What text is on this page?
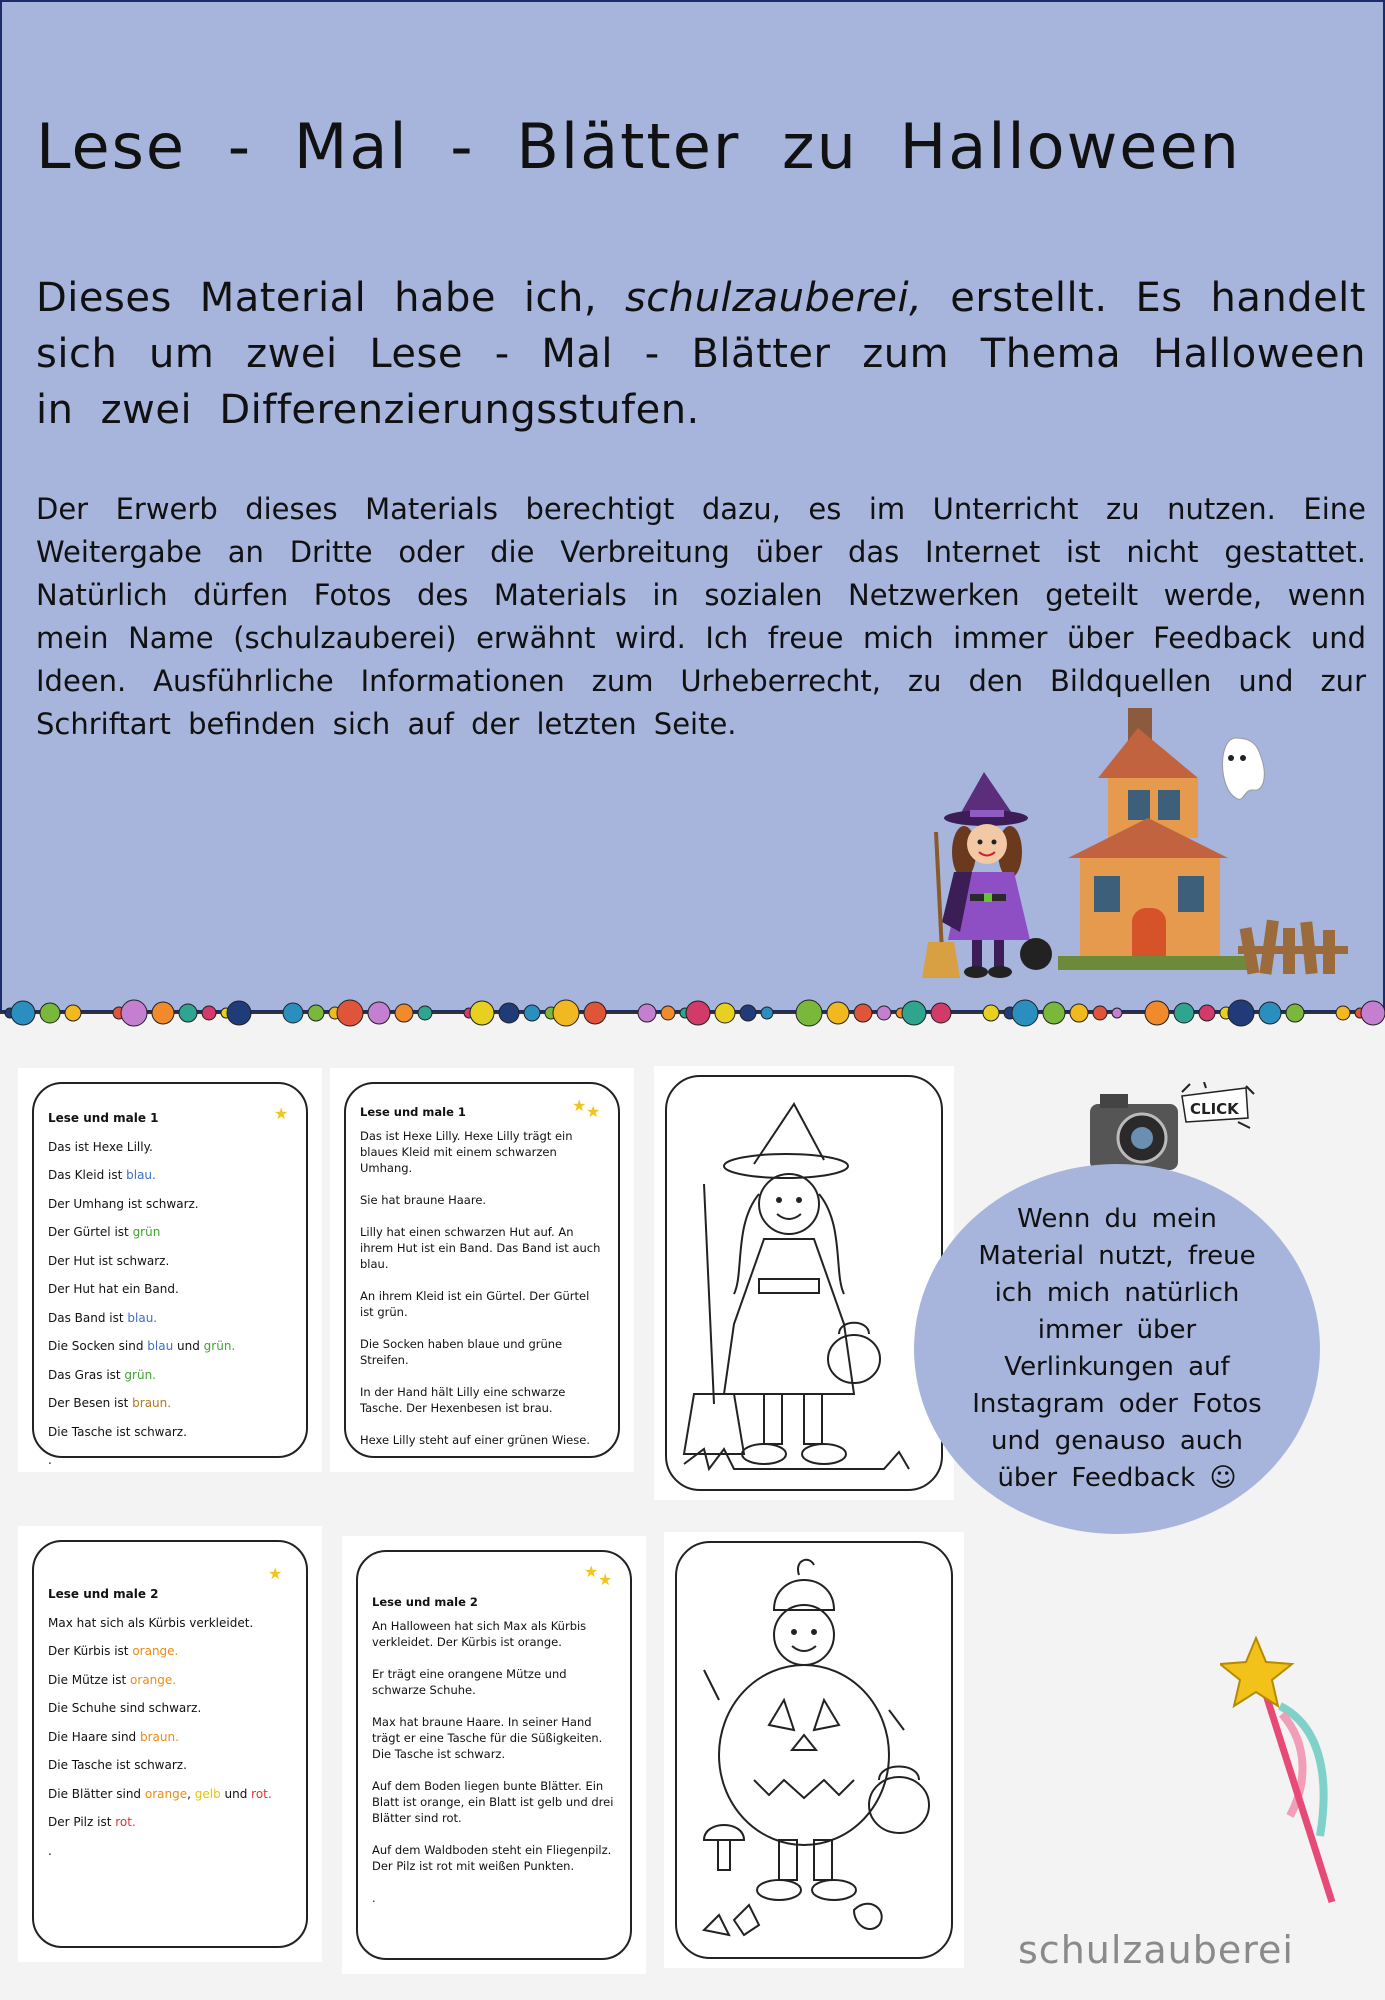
Lese - Mal - Blätter zu Halloween
Dieses Material habe ich, schulzauberei, erstellt. Es handelt sich um zwei Lese - Mal - Blätter zum Thema Halloween in zwei Differenzierungsstufen.
Der Erwerb dieses Materials berechtigt dazu, es im Unterricht zu nutzen. Eine Weitergabe an Dritte oder die Verbreitung über das Internet ist nicht gestattet. Natürlich dürfen Fotos des Materials in sozialen Netzwerken geteilt werde, wenn mein Name (schulzauberei) erwähnt wird. Ich freue mich immer über Feedback und Ideen. Ausführliche Informationen zum Urheberrecht, zu den Bildquellen und zur Schriftart befinden sich auf der letzten Seite.
★
Lese und male 1
Das ist Hexe Lilly.
Das Kleid ist blau.
Der Umhang ist schwarz.
Der Gürtel ist grün
Der Hut ist schwarz.
Der Hut hat ein Band.
Das Band ist blau.
Die Socken sind blau und grün.
Das Gras ist grün.
Der Besen ist braun.
Die Tasche ist schwarz.
.
★ ★
Lese und male 1
Das ist Hexe Lilly. Hexe Lilly trägt ein blaues Kleid mit einem schwarzen Umhang.
Sie hat braune Haare.
Lilly hat einen schwarzen Hut auf. An ihrem Hut ist ein Band. Das Band ist auch blau.
An ihrem Kleid ist ein Gürtel. Der Gürtel ist grün.
Die Socken haben blaue und grüne Streifen.
In der Hand hält Lilly eine schwarze Tasche. Der Hexenbesen ist brau.
Hexe Lilly steht auf einer grünen Wiese.
★
Lese und male 2
Max hat sich als Kürbis verkleidet.
Der Kürbis ist orange.
Die Mütze ist orange.
Die Schuhe sind schwarz.
Die Haare sind braun.
Die Tasche ist schwarz.
Die Blätter sind orange, gelb und rot.
Der Pilz ist rot.
.
★ ★
Lese und male 2
An Halloween hat sich Max als Kürbis verkleidet. Der Kürbis ist orange.
Er trägt eine orangene Mütze und schwarze Schuhe.
Max hat braune Haare. In seiner Hand trägt er eine Tasche für die Süßigkeiten. Die Tasche ist schwarz.
Auf dem Boden liegen bunte Blätter. Ein Blatt ist orange, ein Blatt ist gelb und drei Blätter sind rot.
Auf dem Waldboden steht ein Fliegenpilz. Der Pilz ist rot mit weißen Punkten.
.
CLICK
Wenn du mein Material nutzt, freue ich mich natürlich immer über Verlinkungen auf Instagram oder Fotos und genauso auch über Feedback ☺
schulzauberei
